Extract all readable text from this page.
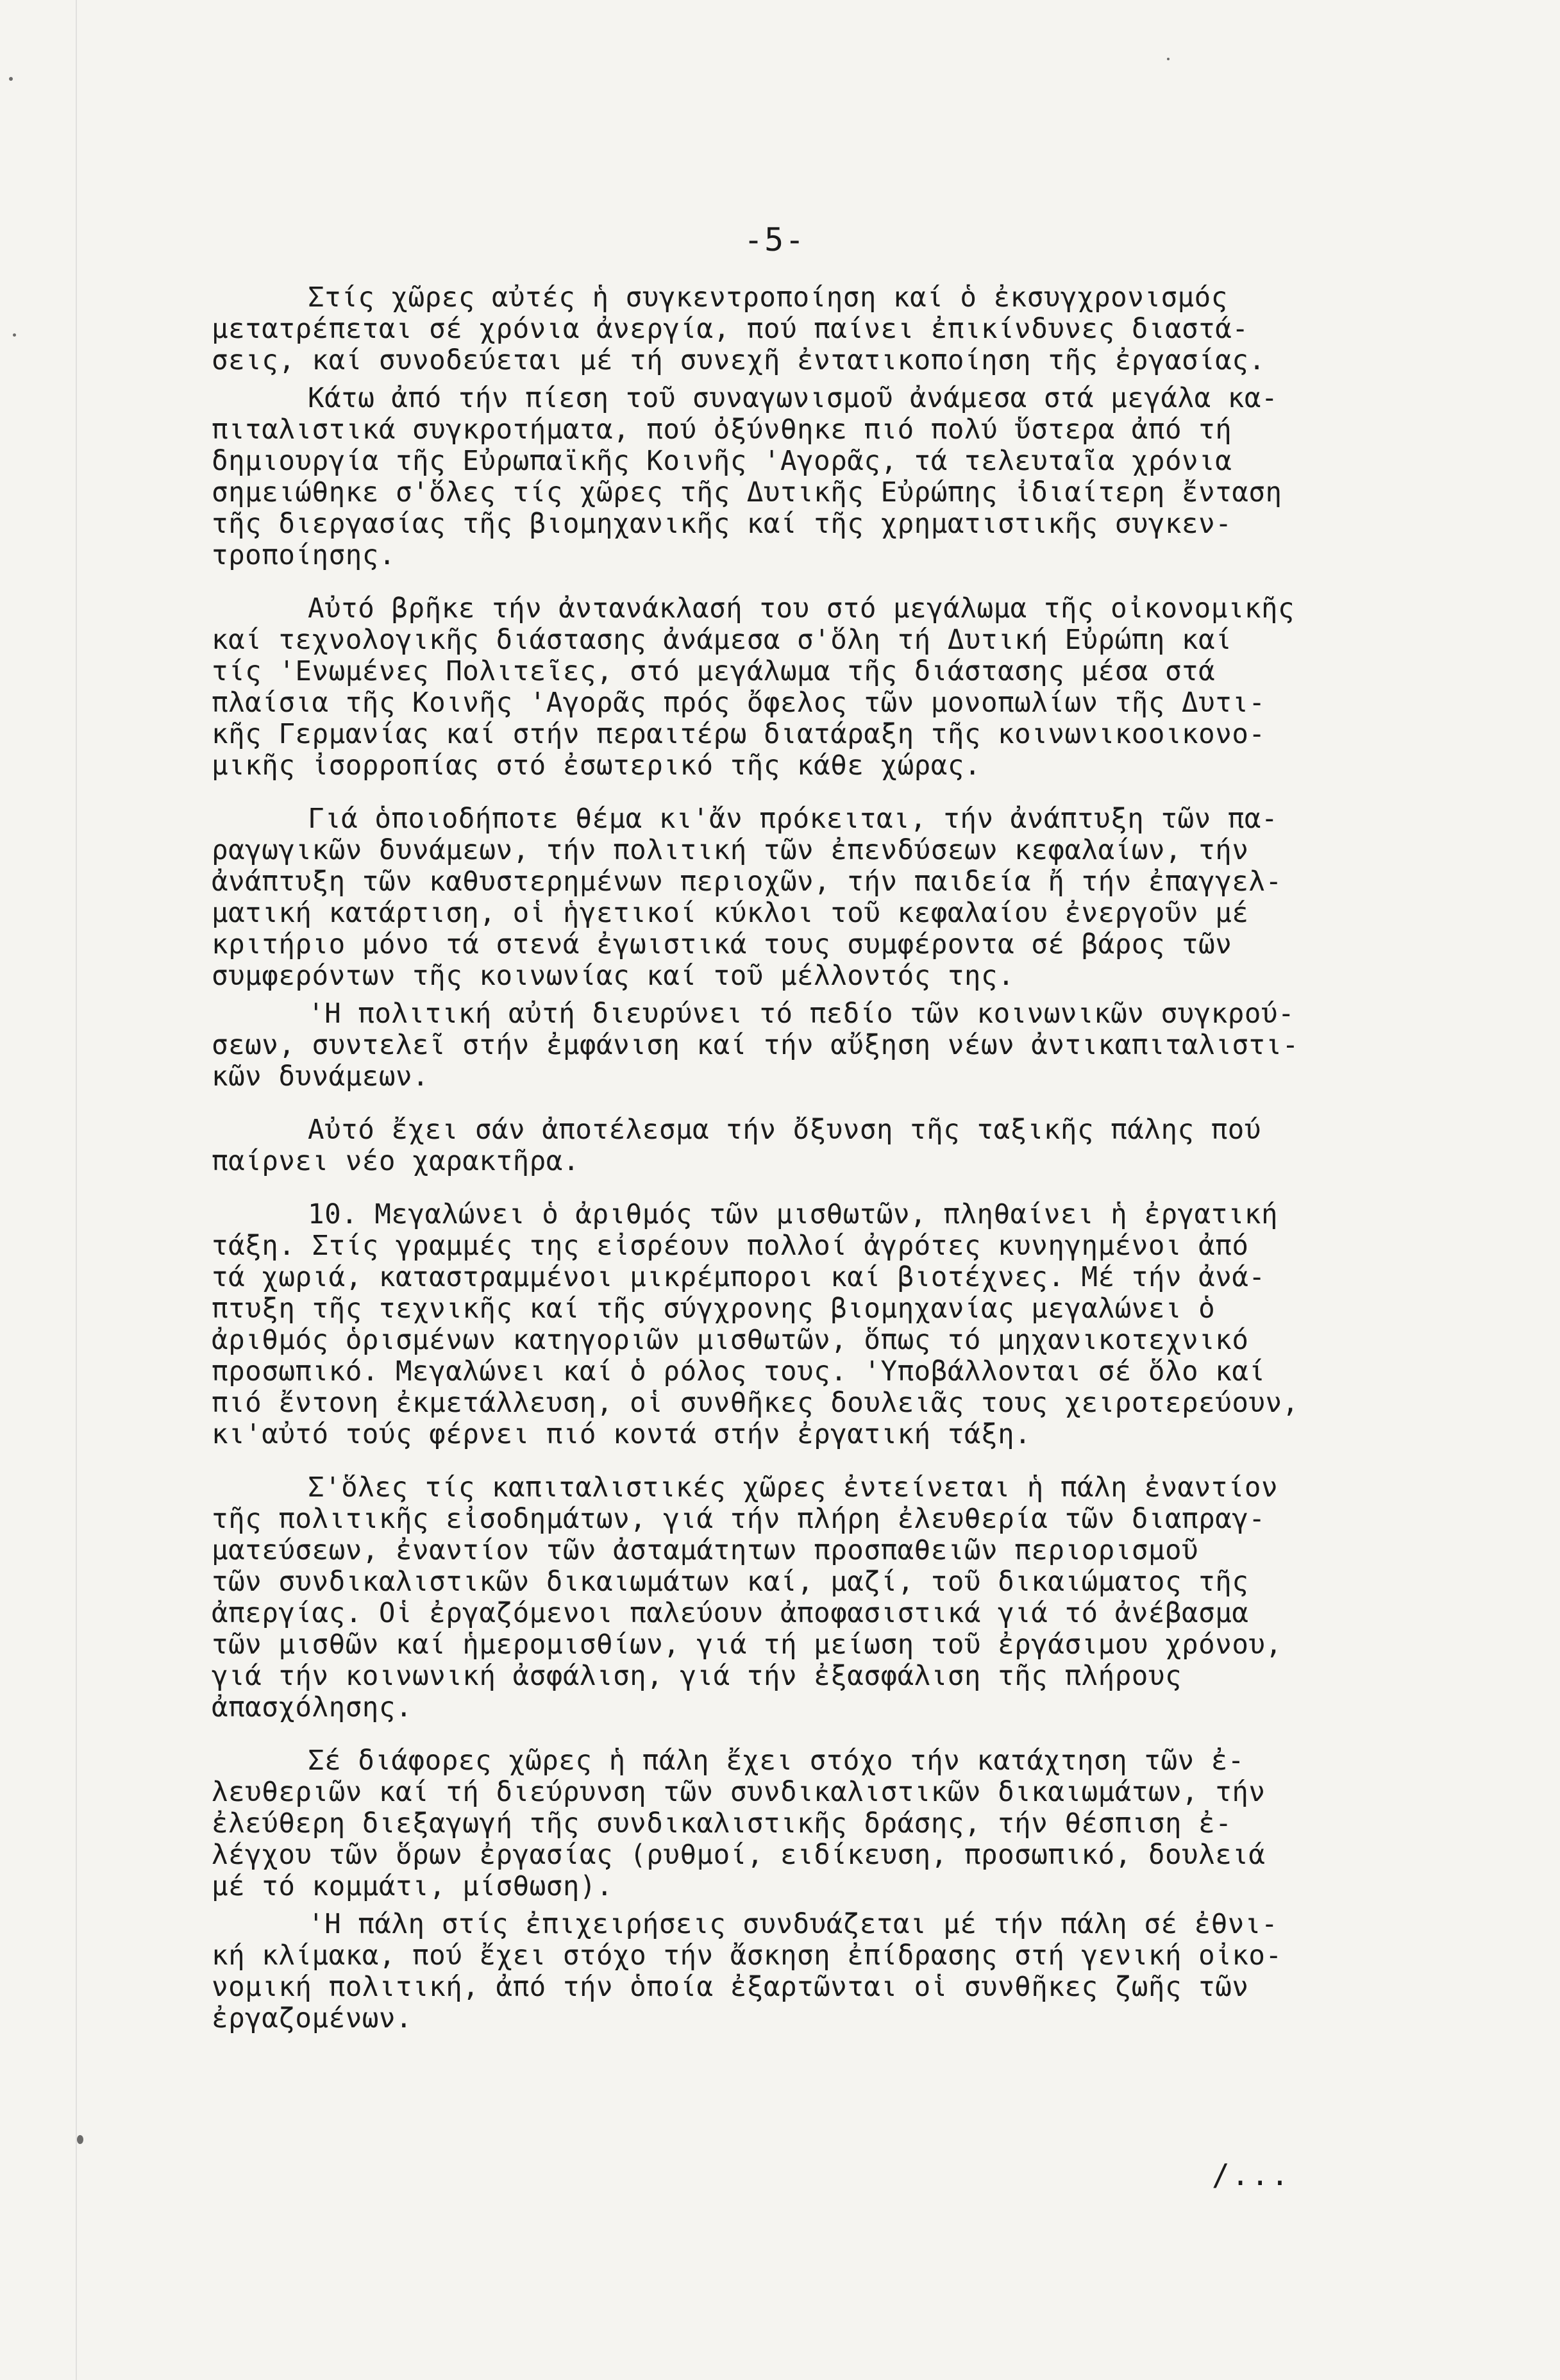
-5-
Στίς χῶρες αὐτές ἡ συγκεντροποίηση καί ὁ ἐκσυγχρονισμός
μετατρέπεται σέ χρόνια ἀνεργία, πού παίνει ἐπικίνδυνες διαστά-
σεις, καί συνοδεύεται μέ τή συνεχῆ ἐντατικοποίηση τῆς ἐργασίας.
Κάτω ἀπό τήν πίεση τοῦ συναγωνισμοῦ ἀνάμεσα στά μεγάλα κα-
πιταλιστικά συγκροτήματα, πού ὀξύνθηκε πιό πολύ ὕστερα ἀπό τή
δημιουργία τῆς Εὐρωπαϊκῆς Κοινῆς 'Αγορᾶς, τά τελευταῖα χρόνια
σημειώθηκε σ'ὅλες τίς χῶρες τῆς Δυτικῆς Εὐρώπης ἰδιαίτερη ἔνταση
τῆς διεργασίας τῆς βιομηχανικῆς καί τῆς χρηματιστικῆς συγκεν-
τροποίησης.
Αὐτό βρῆκε τήν ἀντανάκλασή του στό μεγάλωμα τῆς οἰκονομικῆς
καί τεχνολογικῆς διάστασης ἀνάμεσα σ'ὅλη τή Δυτική Εὐρώπη καί
τίς 'Ενωμένες Πολιτεῖες, στό μεγάλωμα τῆς διάστασης μέσα στά
πλαίσια τῆς Κοινῆς 'Αγορᾶς πρός ὄφελος τῶν μονοπωλίων τῆς Δυτι-
κῆς Γερμανίας καί στήν περαιτέρω διατάραξη τῆς κοινωνικοοικονο-
μικῆς ἰσορροπίας στό ἐσωτερικό τῆς κάθε χώρας.
Γιά ὁποιοδήποτε θέμα κι'ἄν πρόκειται, τήν ἀνάπτυξη τῶν πα-
ραγωγικῶν δυνάμεων, τήν πολιτική τῶν ἐπενδύσεων κεφαλαίων, τήν
ἀνάπτυξη τῶν καθυστερημένων περιοχῶν, τήν παιδεία ἤ τήν ἐπαγγελ-
ματική κατάρτιση, οἱ ἡγετικοί κύκλοι τοῦ κεφαλαίου ἐνεργοῦν μέ
κριτήριο μόνο τά στενά ἐγωιστικά τους συμφέροντα σέ βάρος τῶν
συμφερόντων τῆς κοινωνίας καί τοῦ μέλλοντός της.
'Η πολιτική αὐτή διευρύνει τό πεδίο τῶν κοινωνικῶν συγκρού-
σεων, συντελεῖ στήν ἐμφάνιση καί τήν αὔξηση νέων ἀντικαπιταλιστι-
κῶν δυνάμεων.
Αὐτό ἔχει σάν ἀποτέλεσμα τήν ὄξυνση τῆς ταξικῆς πάλης πού
παίρνει νέο χαρακτῆρα.
10. Μεγαλώνει ὁ ἀριθμός τῶν μισθωτῶν, πληθαίνει ἡ ἐργατική
τάξη. Στίς γραμμές της εἰσρέουν πολλοί ἀγρότες κυνηγημένοι ἀπό
τά χωριά, καταστραμμένοι μικρέμποροι καί βιοτέχνες. Μέ τήν ἀνά-
πτυξη τῆς τεχνικῆς καί τῆς σύγχρονης βιομηχανίας μεγαλώνει ὁ
ἀριθμός ὁρισμένων κατηγοριῶν μισθωτῶν, ὅπως τό μηχανικοτεχνικό
προσωπικό. Μεγαλώνει καί ὁ ρόλος τους. 'Υποβάλλονται σέ ὅλο καί
πιό ἔντονη ἐκμετάλλευση, οἱ συνθῆκες δουλειᾶς τους χειροτερεύουν,
κι'αὐτό τούς φέρνει πιό κοντά στήν ἐργατική τάξη.
Σ'ὅλες τίς καπιταλιστικές χῶρες ἐντείνεται ἡ πάλη ἐναντίον
τῆς πολιτικῆς εἰσοδημάτων, γιά τήν πλήρη ἐλευθερία τῶν διαπραγ-
ματεύσεων, ἐναντίον τῶν ἀσταμάτητων προσπαθειῶν περιορισμοῦ
τῶν συνδικαλιστικῶν δικαιωμάτων καί, μαζί, τοῦ δικαιώματος τῆς
ἀπεργίας. Οἱ ἐργαζόμενοι παλεύουν ἀποφασιστικά γιά τό ἀνέβασμα
τῶν μισθῶν καί ἡμερομισθίων, γιά τή μείωση τοῦ ἐργάσιμου χρόνου,
γιά τήν κοινωνική ἀσφάλιση, γιά τήν ἐξασφάλιση τῆς πλήρους
ἀπασχόλησης.
Σέ διάφορες χῶρες ἡ πάλη ἔχει στόχο τήν κατάχτηση τῶν ἐ-
λευθεριῶν καί τή διεύρυνση τῶν συνδικαλιστικῶν δικαιωμάτων, τήν
ἐλεύθερη διεξαγωγή τῆς συνδικαλιστικῆς δράσης, τήν θέσπιση ἐ-
λέγχου τῶν ὅρων ἐργασίας (ρυθμοί, ειδίκευση, προσωπικό, δουλειά
μέ τό κομμάτι, μίσθωση).
'Η πάλη στίς ἐπιχειρήσεις συνδυάζεται μέ τήν πάλη σέ ἐθνι-
κή κλίμακα, πού ἔχει στόχο τήν ἄσκηση ἐπίδρασης στή γενική οἰκο-
νομική πολιτική, ἀπό τήν ὁποία ἐξαρτῶνται οἱ συνθῆκες ζωῆς τῶν
ἐργαζομένων.
/...
